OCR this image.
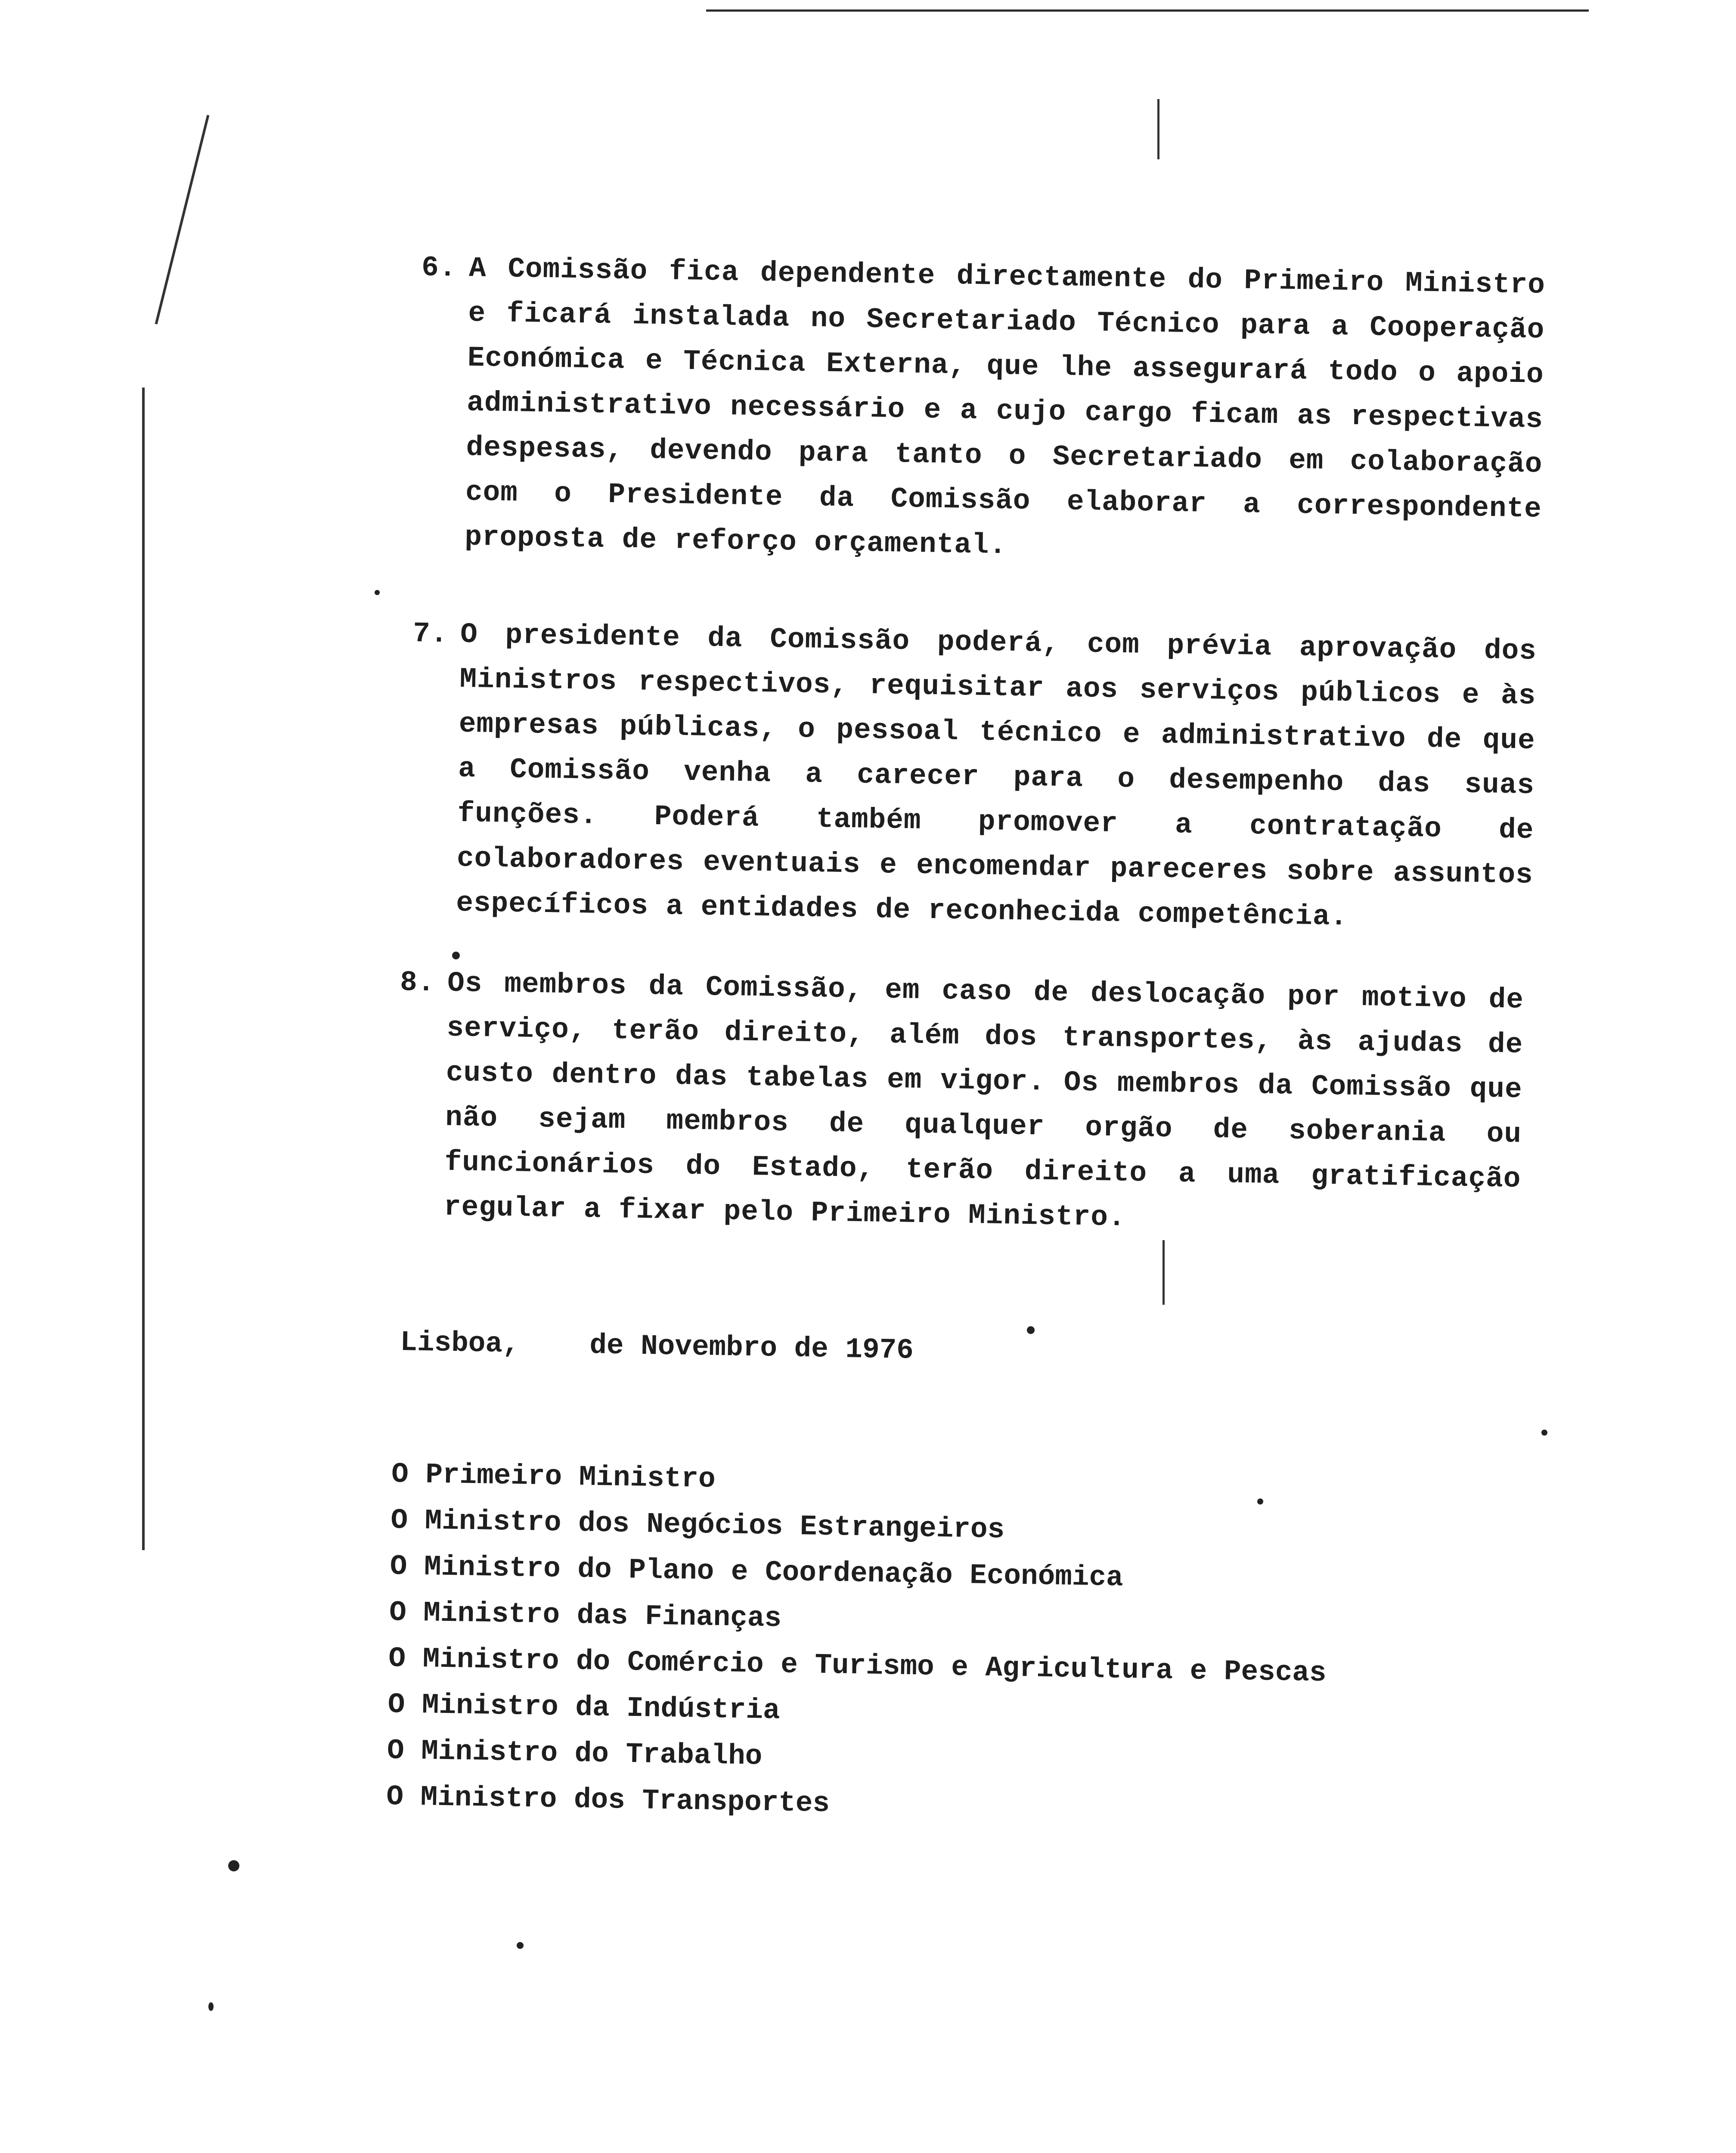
6. A Comissão fica dependente directamente do Primeiro Ministro e ficará instalada no Secretariado Técnico para a Cooperação Económica e Técnica Externa, que lhe assegurará todo o apoio administrativo necessário e a cujo cargo ficam as respectivas despesas, devendo para tanto o Secretariado em colaboração com o Presidente da Comissão elaborar a correspondente proposta de reforço orçamental.

7. O presidente da Comissão poderá, com prévia aprovação dos Ministros respectivos, requisitar aos serviços públicos e às empresas públicas, o pessoal técnico e administrativo de que a Comissão venha a carecer para o desempenho das suas funções. Poderá também promover a contratação de colaboradores eventuais e encomendar pareceres sobre assuntos específicos a entidades de reconhecida competência.

8. Os membros da Comissão, em caso de deslocação por motivo de serviço, terão direito, além dos transportes, às ajudas de custo dentro das tabelas em vigor. Os membros da Comissão que não sejam membros de qualquer orgão de soberania ou funcionários do Estado, terão direito a uma gratificação regular a fixar pelo Primeiro Ministro.

Lisboa, de Novembro de 1976
O Primeiro Ministro
O Ministro dos Negócios Estrangeiros
O Ministro do Plano e Coordenação Económica
O Ministro das Finanças
O Ministro do Comércio e Turismo e Agricultura e Pescas
O Ministro da Indústria
O Ministro do Trabalho
O Ministro dos Transportes
